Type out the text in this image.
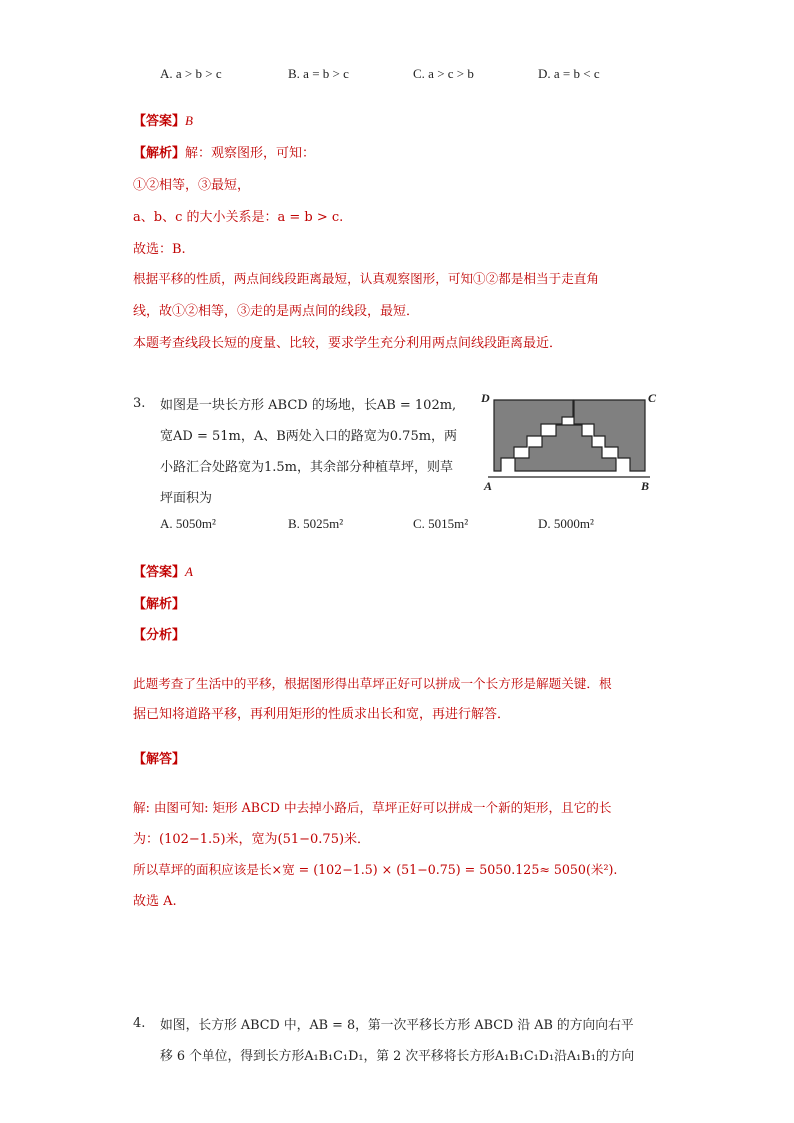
A. a > b > c	B. a = b > c	C. a > c > b	D. a = b < c
【答案】B
【解析】解：观察图形，可知：
①②相等，③最短，
a、b、c 的大小关系是：a = b > c.
故选：B.
根据平移的性质，两点间线段距离最短，认真观察图形，可知①②都是相当于走直角
线，故①②相等，③走的是两点间的线段，最短．
本题考查线段长短的度量、比较，要求学生充分利用两点间线段距离最近．
3. 如图是一块长方形 ABCD 的场地，长AB = 102m,
宽AD = 51m，A、B两处入口的路宽为0.75m，两
小路汇合处路宽为1.5m，其余部分种植草坪，则草
坪面积为
D	C
A	B
A. 5050m²	B. 5025m²	C. 5015m²	D. 5000m²
【答案】A
【解析】
【分析】
此题考查了生活中的平移，根据图形得出草坪正好可以拼成一个长方形是解题关键．根
据已知将道路平移，再利用矩形的性质求出长和宽，再进行解答．
【解答】
解: 由图可知: 矩形 ABCD 中去掉小路后，草坪正好可以拼成一个新的矩形，且它的长
为：(102−1.5)米，宽为(51−0.75)米．
所以草坪的面积应该是长×宽 = (102−1.5) × (51−0.75) = 5050.125≈ 5050(米²).
故选 A.
4. 如图，长方形 ABCD 中，AB = 8，第一次平移长方形 ABCD 沿 AB 的方向向右平
移 6 个单位，得到长方形A₁B₁C₁D₁，第 2 次平移将长方形A₁B₁C₁D₁沿A₁B₁的方向
